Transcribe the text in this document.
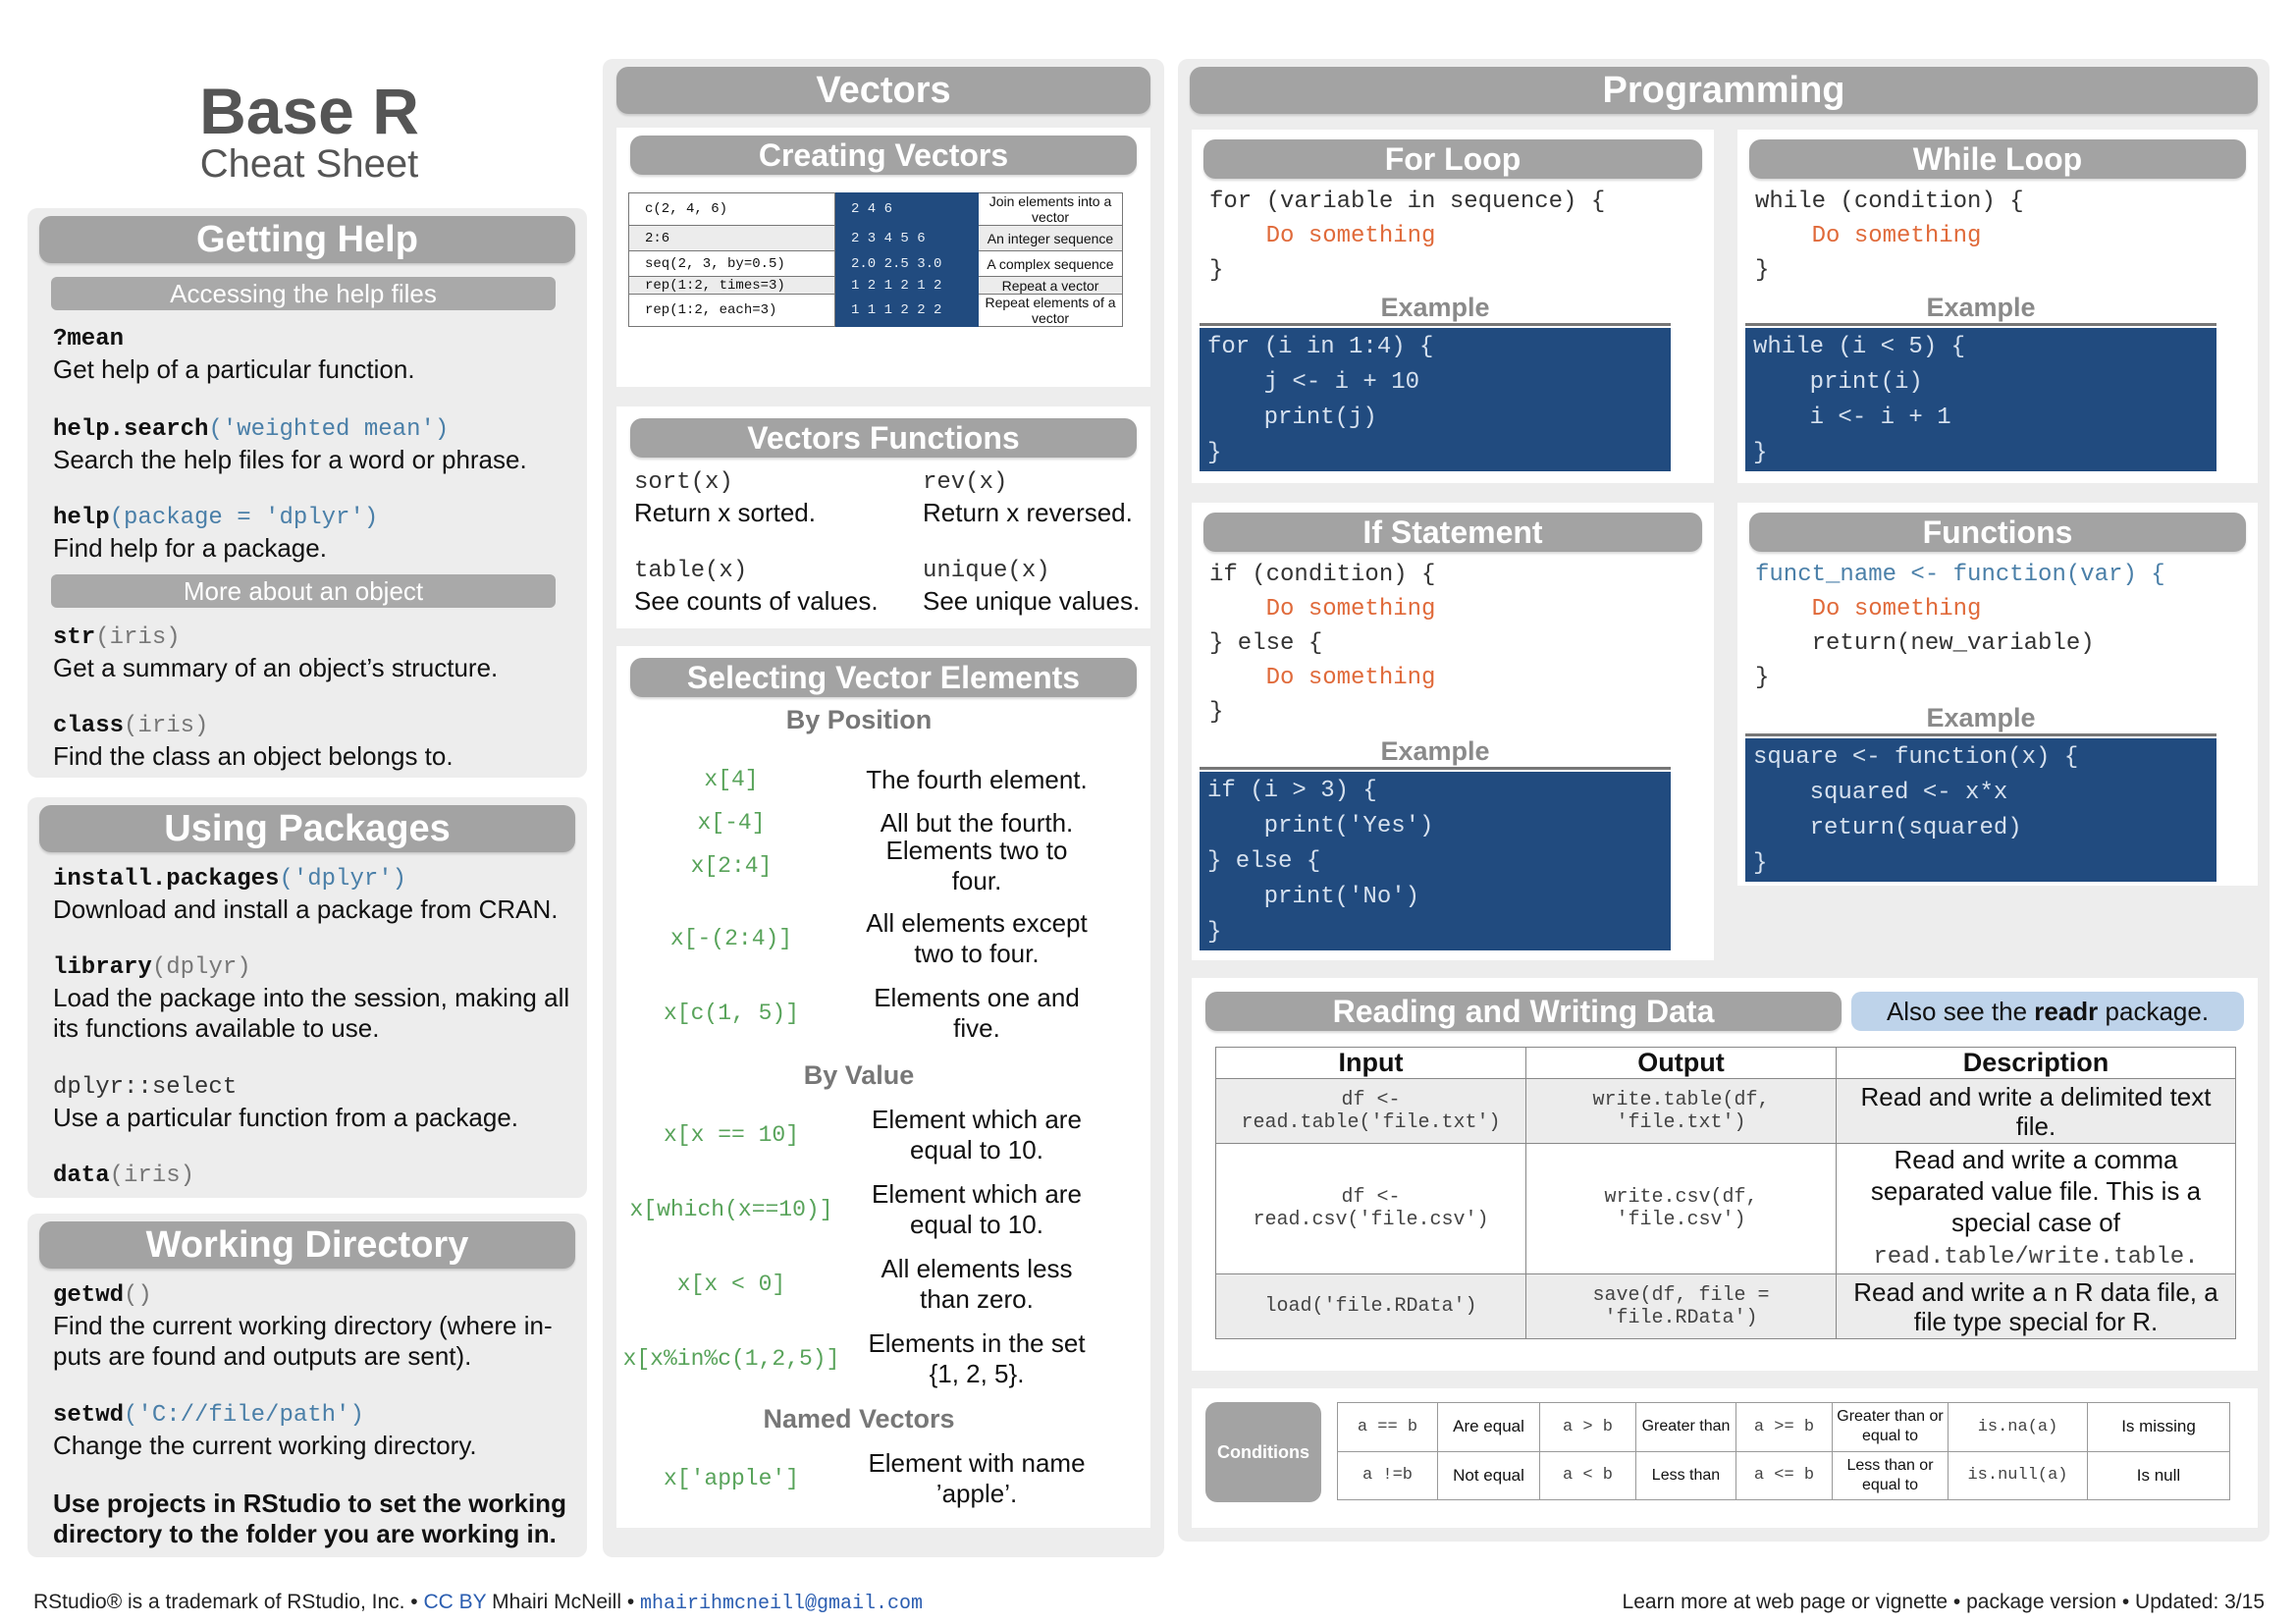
Base R
Cheat Sheet
Getting Help
Accessing the help files
?mean
Get help of a particular function.
help.search('weighted mean')
Search the help files for a word or phrase.
help(package = 'dplyr')
Find help for a package.
More about an object
str(iris)
Get a summary of an object’s structure.
class(iris)
Find the class an object belongs to.
Using Packages
install.packages('dplyr')
Download and install a package from CRAN.
library(dplyr)
Load the package into the session, making all its functions available to use.
dplyr::select
Use a particular function from a package.
data(iris)
Working Directory
getwd()
Find the current working directory (where in-puts are found and outputs are sent).
setwd('C://file/path')
Change the current working directory.
Use projects in RStudio to set the working directory to the folder you are working in.
Vectors
Creating Vectors
c(2, 4, 6)	2 4 6	Join elements into a vector
2:6	2 3 4 5 6	An integer sequence
seq(2, 3, by=0.5)	2.0 2.5 3.0	A complex sequence
rep(1:2, times=3)	1 2 1 2 1 2	Repeat a vector
rep(1:2, each=3)	1 1 1 2 2 2	Repeat elements of a vector
Vectors Functions
sort(x)
Return x sorted.
rev(x)
Return x reversed.
table(x)
See counts of values.
unique(x)
See unique values.
Selecting Vector Elements
By Position
x[4]	The fourth element.
x[-4]	All but the fourth.
x[2:4]
Elements two to four.
x[-(2:4)]
All elements except two to four.
x[c(1, 5)]
Elements one and five.
x[x == 10]
Element which are equal to 10.
x[which(x==10)]
Element which are equal to 10.
x[x < 0]
All elements less than zero.
x[x%in%c(1,2,5)]
Elements in the set {1, 2, 5}.
x['apple']
Element with name ’apple’.
By Value
Named Vectors
Programming
For Loop
for (variable in sequence) {
Do something
}
Example
for (i in 1:4) {
j <- i + 10
print(j)
}
While Loop
while (condition) {
Do something
}
Example
while (i < 5) {
print(i)
i <- i + 1
}
If Statement
if (condition) {
Do something
} else {
Do something
}
Example
if (i > 3) {
print('Yes')
} else {
print('No')
}
Functions
funct_name <- function(var) {
Do something
return(new_variable)
}
Example
square <- function(x) {
squared <- x*x
return(squared)
}
Reading and Writing Data	Also see the readr package.
Input	Output	Description
df <-read.table('file.txt')	write.table(df, 'file.txt')	Read and write a delimited text file.
df <-read.csv('file.csv')	write.csv(df, 'file.csv')	Read and write a comma separated value file. This is a special case of read.table/write.table.
load('file.RData')	save(df, file = 'file.RData')	Read and write a n R data file, a file type special for R.
Conditions
a == b	Are equal	a > b	Greater than	a >= b	Greater than or equal to	is.na(a)	Is missing
a !=b	Not equal	a < b	Less than	a <= b	Less than or equal to	is.null(a)	Is null
RStudio® is a trademark of RStudio, Inc. • CC BY Mhairi McNeill • mhairihmcneill@gmail.com	Learn more at web page or vignette • package version • Updated: 3/15
